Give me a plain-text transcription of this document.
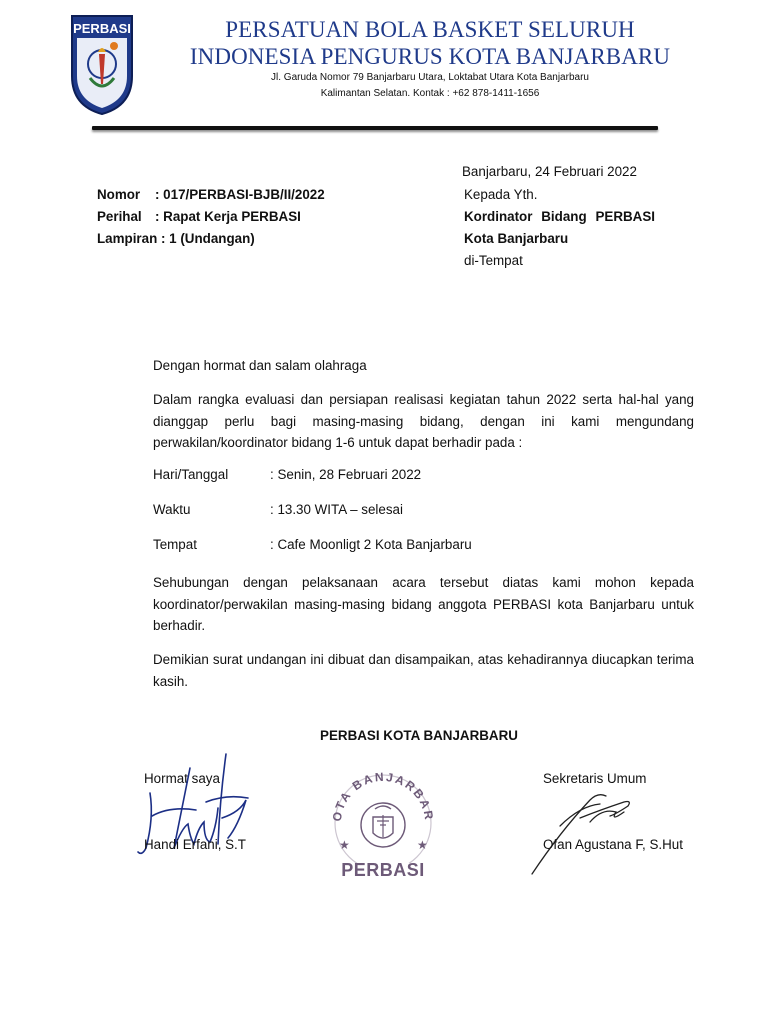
PERBASI	PERSATUAN BOLA BASKET SELURUH
INDONESIA PENGURUS KOTA BANJARBARU
Jl. Garuda Nomor 79 Banjarbaru Utara, Loktabat Utara Kota Banjarbaru
Kalimantan Selatan. Kontak : +62 878-1411-1656
Banjarbaru, 24 Februari 2022
Nomor : 017/PERBASI-BJB/II/2022
Perihal : Rapat Kerja PERBASI
Lampiran : 1 (Undangan)
Kepada Yth.
Kordinator Bidang PERBASI
Kota Banjarbaru
di-Tempat
Dengan hormat dan salam olahraga
Dalam rangka evaluasi dan persiapan realisasi kegiatan tahun 2022 serta hal-hal yang dianggap perlu bagi masing-masing bidang, dengan ini kami mengundang perwakilan/koordinator bidang 1-6 untuk dapat berhadir pada :
Hari/Tanggal	: Senin, 28 Februari 2022
Waktu	: 13.30 WITA – selesai
Tempat	: Cafe Moonligt 2 Kota Banjarbaru
Sehubungan dengan pelaksanaan acara tersebut diatas kami mohon kepada koordinator/perwakilan masing-masing bidang anggota PERBASI kota Banjarbaru untuk berhadir.
Demikian surat undangan ini dibuat dan disampaikan, atas kehadirannya diucapkan terima kasih.
PERBASI KOTA BANJARBARU
Hormat saya	Sekretaris Umum
OTA BANJARBAR
★	★
PERBASI
Handi Erfani, S.T	Ofan Agustana F, S.Hut
